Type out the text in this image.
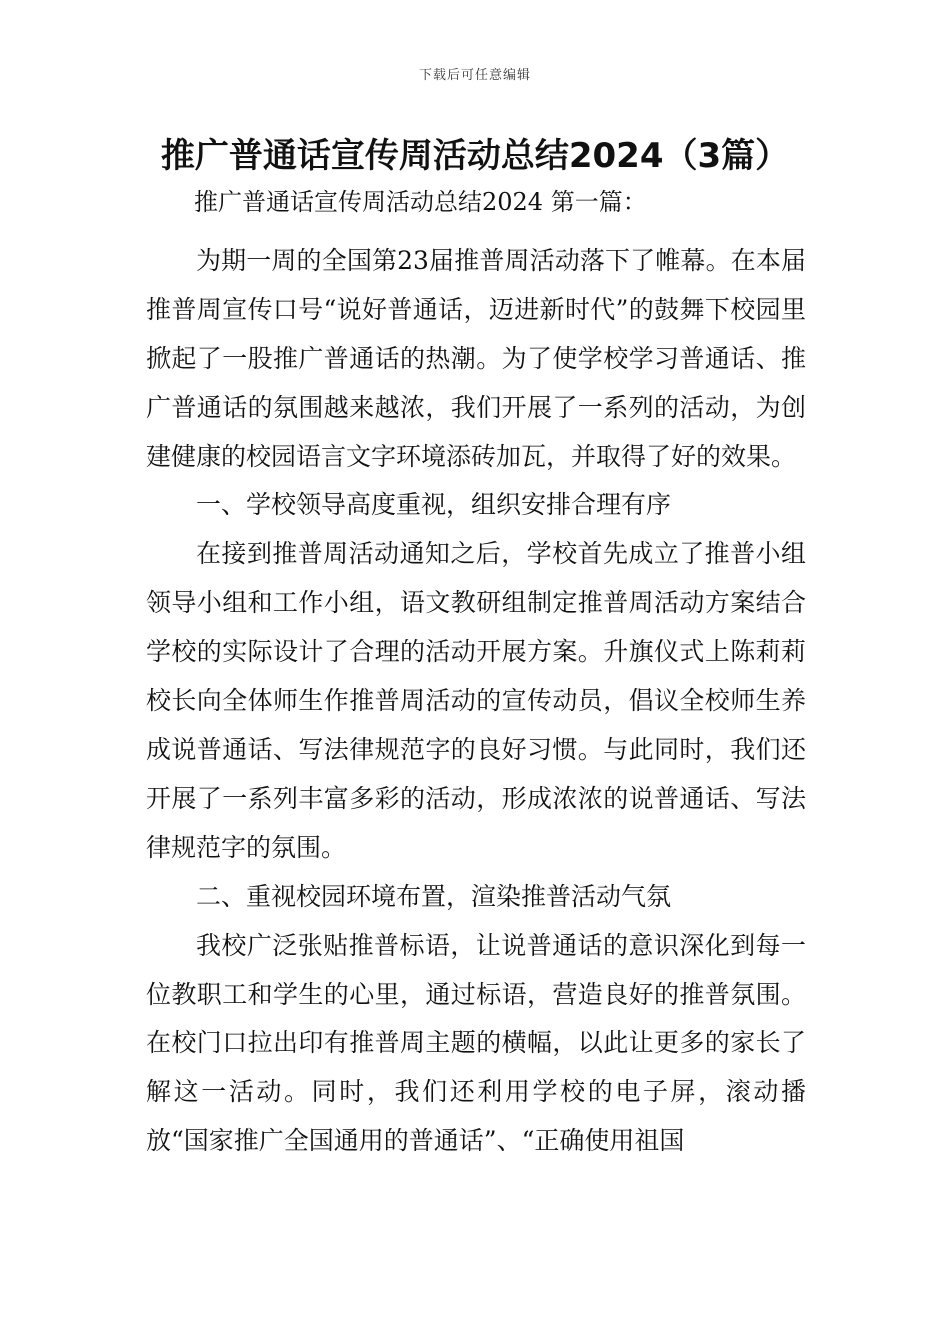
下载后可任意编辑
推广普通话宣传周活动总结2024（3篇）

推广普通话宣传周活动总结2024 第一篇：

为期一周的全国第23届推普周活动落下了帷幕。在本届推普周宣传口号“说好普通话，迈进新时代”的鼓舞下校园里掀起了一股推广普通话的热潮。为了使学校学习普通话、推广普通话的氛围越来越浓，我们开展了一系列的活动，为创建健康的校园语言文字环境添砖加瓦，并取得了好的效果。

一、学校领导高度重视，组织安排合理有序

在接到推普周活动通知之后，学校首先成立了推普小组领导小组和工作小组，语文教研组制定推普周活动方案结合学校的实际设计了合理的活动开展方案。升旗仪式上陈莉莉校长向全体师生作推普周活动的宣传动员，倡议全校师生养成说普通话、写法律规范字的良好习惯。与此同时，我们还开展了一系列丰富多彩的活动，形成浓浓的说普通话、写法律规范字的氛围。

二、重视校园环境布置，渲染推普活动气氛

我校广泛张贴推普标语，让说普通话的意识深化到每一位教职工和学生的心里，通过标语，营造良好的推普氛围。在校门口拉出印有推普周主题的横幅，以此让更多的家长了解这一活动。同时，我们还利用学校的电子屏，滚动播放“国家推广全国通用的普通话”、“正确使用祖国
